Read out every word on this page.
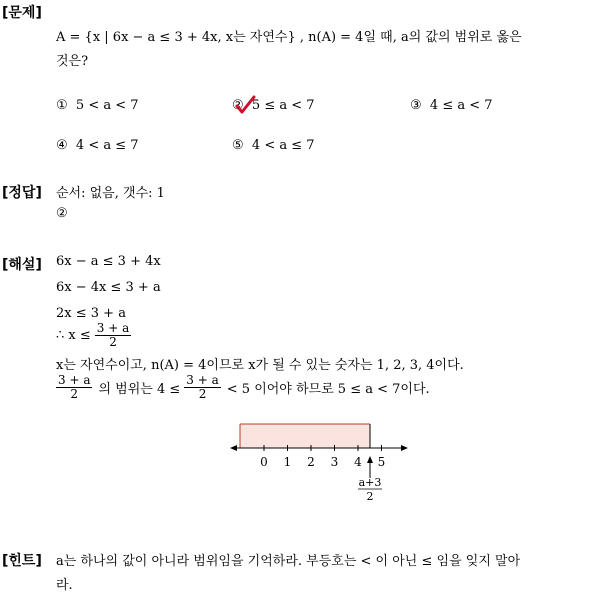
[문제]
A = {x | 6x − a ≤ 3 + 4x, x는 자연수} , n(A) = 4일 때, a의 값의 범위로 옳은
것은?
① 5 < a < 7	② 5 ≤ a < 7	③ 4 ≤ a < 7
④ 4 < a ≤ 7	⑤ 4 < a ≤ 7
[정답] 순서: 없음, 갯수: 1
②
[해설] 6x − a ≤ 3 + 4x
6x − 4x ≤ 3 + a
2x ≤ 3 + a
∴ $x \le \frac{3 + a}{2}$
x는 자연수이고, n(A) = 4이므로 x가 될 수 있는 숫자는 1, 2, 3, 4이다.
$\frac{3 + a}{2}$ 의 범위는 $4 \le \frac{3 + a}{2} < 5$ 이어야 하므로 5 ≤ a < 7이다.
0 1 2 3 4 5
a+3
2
[힌트] a는 하나의 값이 아니라 범위임을 기억하라. 부등호는 < 이 아닌 ≤ 임을 잊지 말아
라.
